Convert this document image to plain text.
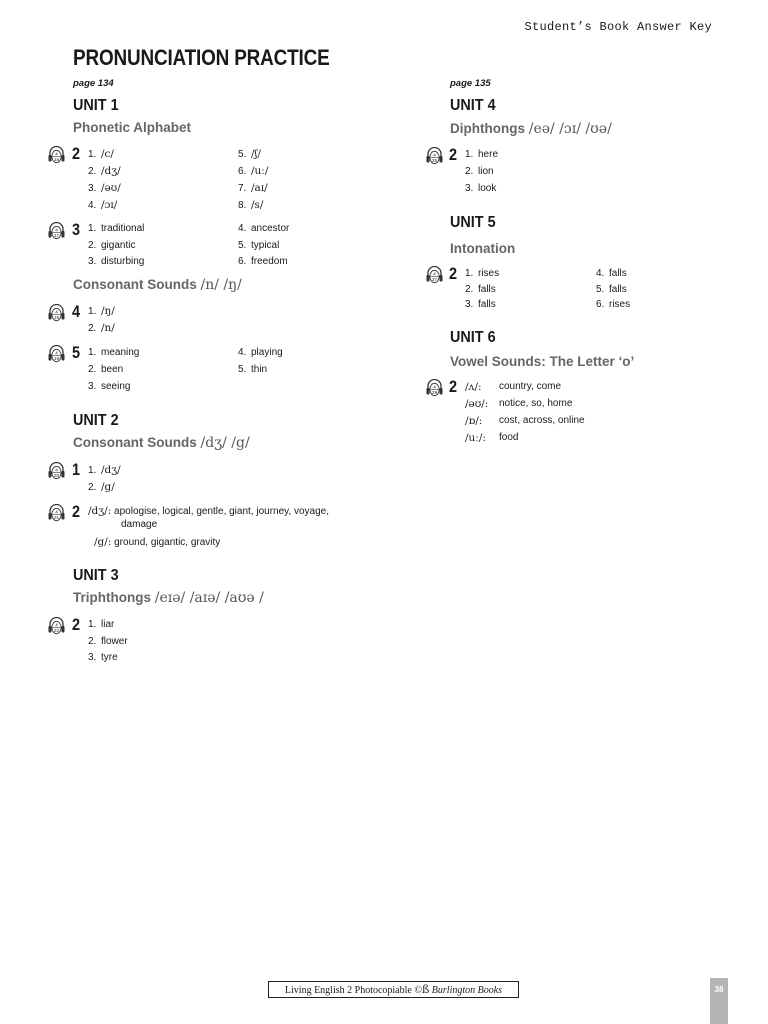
Student’s Book Answer Key
PRONUNCIATION PRACTICE
page 134	page 135
UNIT 1
Phonetic Alphabet
4
16 2 1. /c/	5. /ʃ/
2. /dʒ/	6. /uː/
3. /əʊ/	7. /aɪ/
4. /ɔɪ/	8. /s/
4
17 3 1. traditional	4. ancestor
2. gigantic	5. typical
3. disturbing	6. freedom
Consonant Sounds /n/ /ŋ/
4
18 4 1. /ŋ/
2. /n/
4
19 5 1. meaning	4. playing
2. been	5. thin
3. seeing
UNIT 2
Consonant Sounds /dʒ/ /g/
4
20 1 1. /dʒ/
2. /g/
4
21 2 /dʒ/: apologise, logical, gentle, giant, journey, voyage,
damage
/g/: ground, gigantic, gravity
UNIT 3
Triphthongs /eɪə/ /aɪə/ /aʊə /
4
22 2 1. liar
2. flower
3. tyre
UNIT 4
Diphthongs /eə/ /ɔɪ/ /ʊə/
4
25 2 1. here
2. lion
3. look
UNIT 5
Intonation
4
27 2 1. rises	4. falls
2. falls	5. falls
3. falls	6. rises
UNIT 6
Vowel Sounds: The Letter ‘o’
4
29 2 /ʌ/: country, come
/əʊ/: notice, so, home
/ɒ/: cost, across, online
/uː/: food
Living English 2 Photocopiable ©ß Burlington Books	38
